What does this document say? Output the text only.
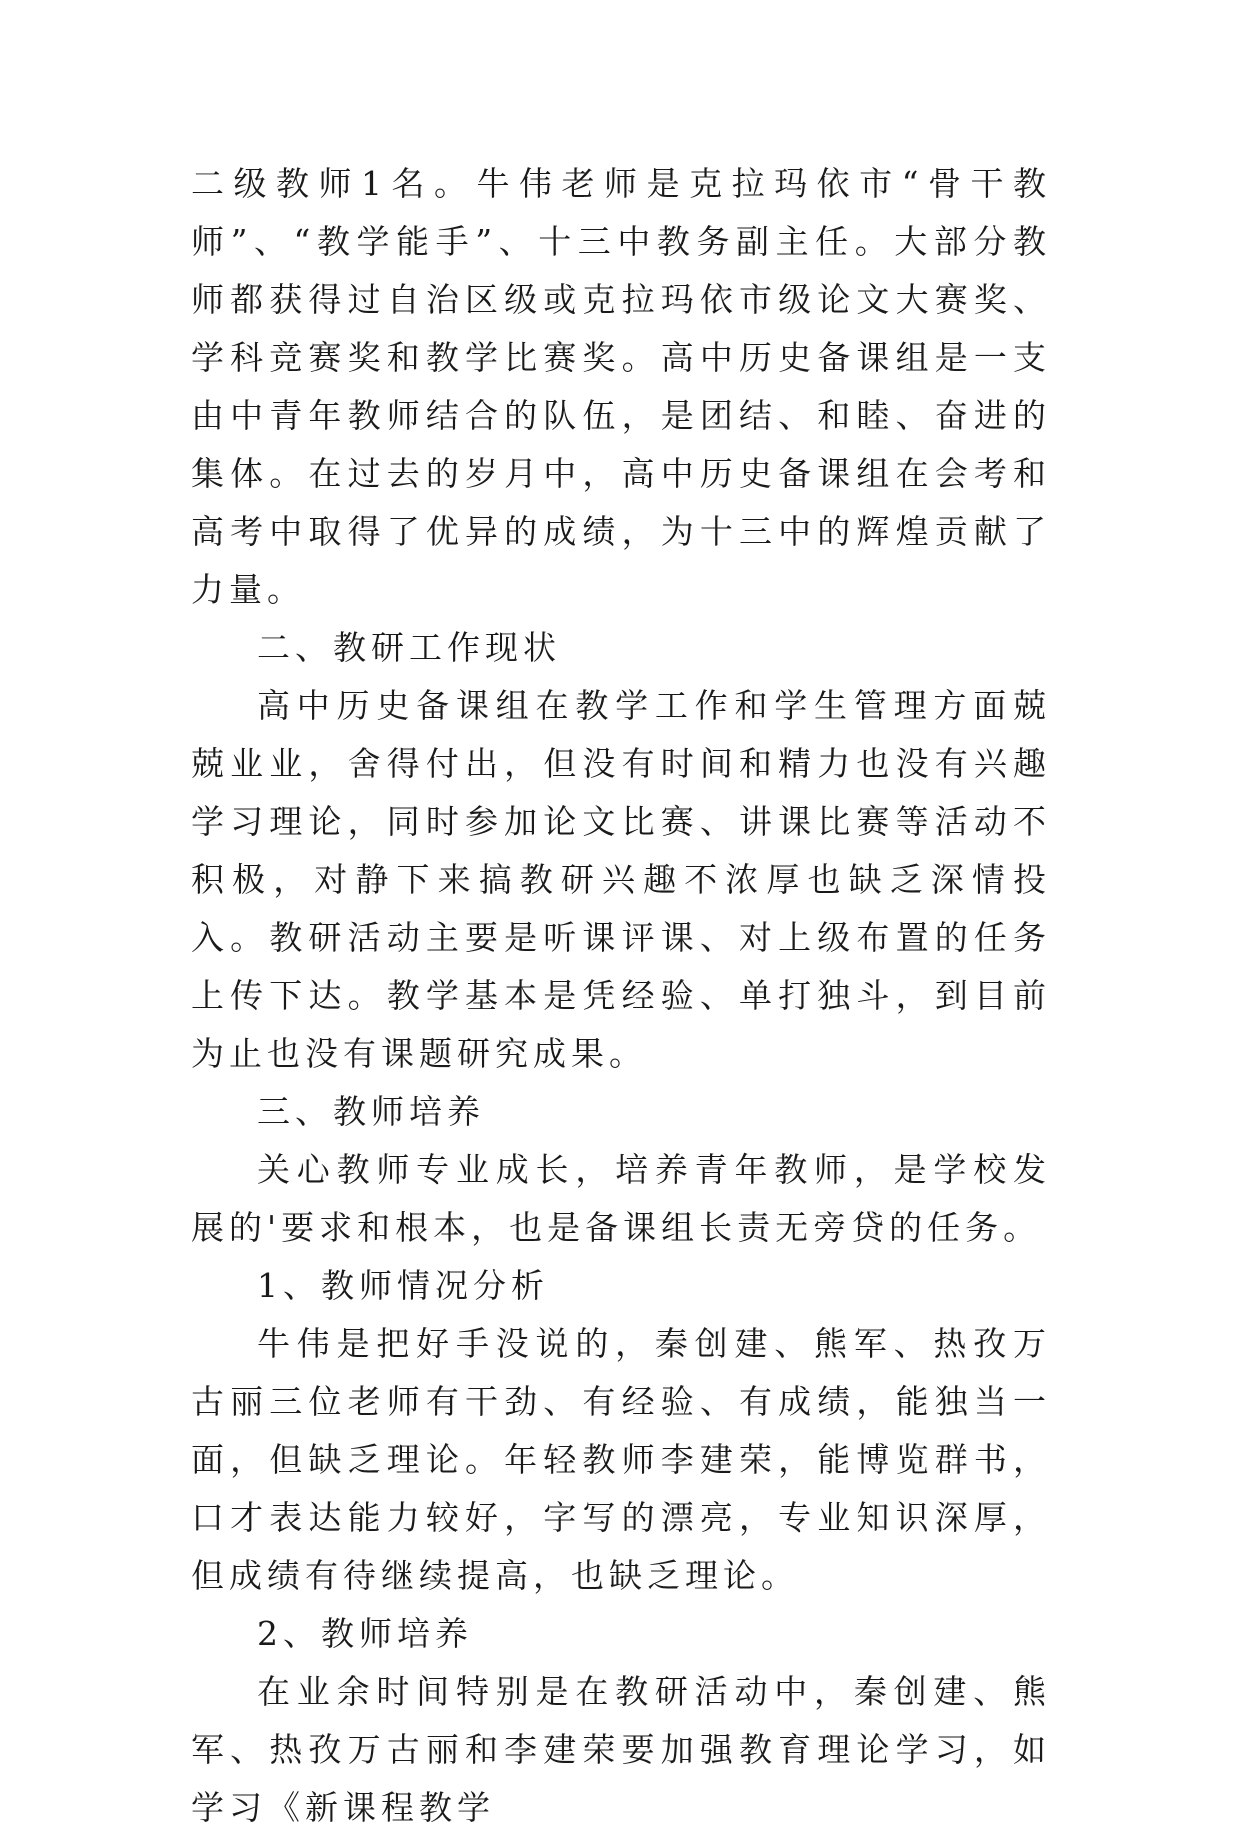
二级教师1名。牛伟老师是克拉玛依市“骨干教师”、“教学能手”、十三中教务副主任。大部分教师都获得过自治区级或克拉玛依市级论文大赛奖、学科竞赛奖和教学比赛奖。高中历史备课组是一支由中青年教师结合的队伍，是团结、和睦、奋进的集体。在过去的岁月中，高中历史备课组在会考和高考中取得了优异的成绩，为十三中的辉煌贡献了力量。

二、教研工作现状

高中历史备课组在教学工作和学生管理方面兢兢业业，舍得付出，但没有时间和精力也没有兴趣学习理论，同时参加论文比赛、讲课比赛等活动不积极，对静下来搞教研兴趣不浓厚也缺乏深情投入。教研活动主要是听课评课、对上级布置的任务上传下达。教学基本是凭经验、单打独斗，到目前为止也没有课题研究成果。

三、教师培养

关心教师专业成长，培养青年教师，是学校发展的'要求和根本，也是备课组长责无旁贷的任务。

1、教师情况分析

牛伟是把好手没说的，秦创建、熊军、热孜万古丽三位老师有干劲、有经验、有成绩，能独当一面，但缺乏理论。年轻教师李建荣，能博览群书，口才表达能力较好，字写的漂亮，专业知识深厚，但成绩有待继续提高，也缺乏理论。

2、教师培养

在业余时间特别是在教研活动中，秦创建、熊军、热孜万古丽和李建荣要加强教育理论学习，如学习《新课程教学
